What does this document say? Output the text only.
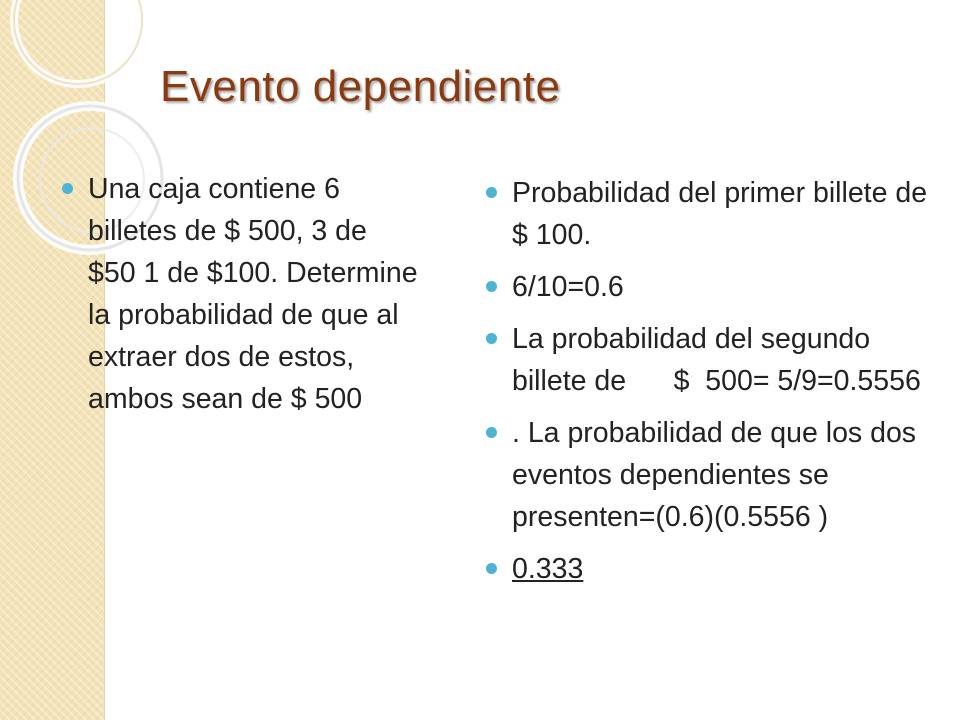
Evento dependiente
Una caja contiene 6 billetes de $ 500, 3 de $50 1 de $100. Determine la probabilidad de que al extraer dos de estos, ambos sean de $ 500
Probabilidad del primer billete de $ 100.
6/10=0.6
La probabilidad del segundo billete de      $  500= 5/9=0.5556
. La probabilidad de que los dos eventos dependientes se presenten=(0.6)(0.5556 )
0.333
